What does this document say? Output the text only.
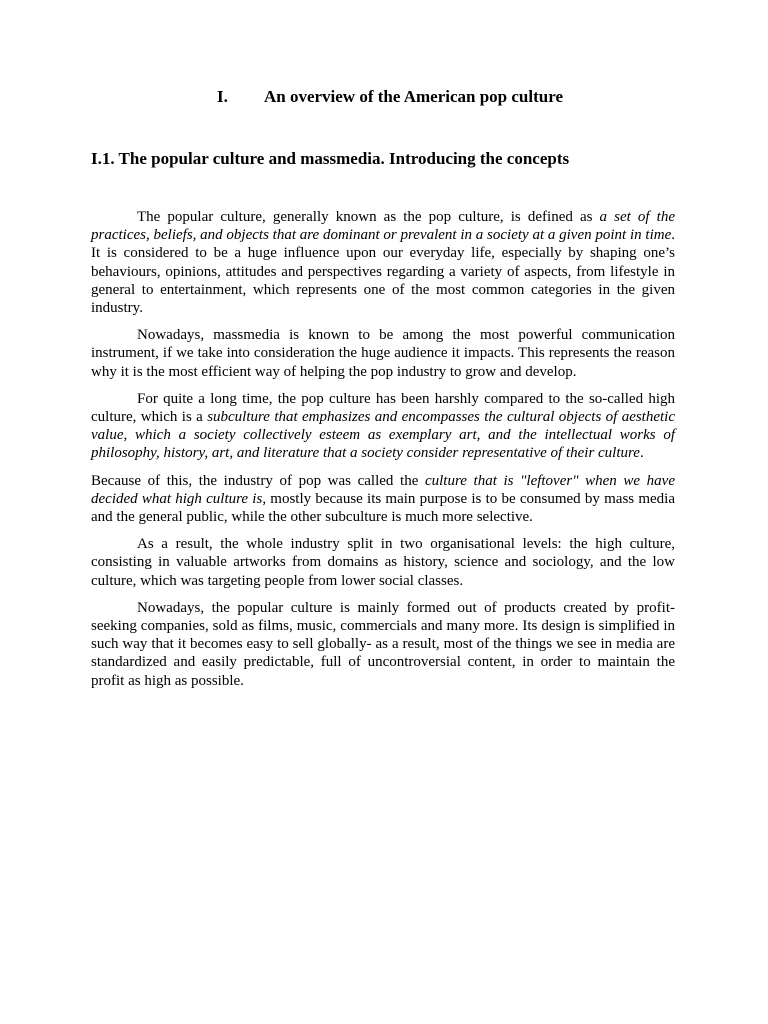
I. An overview of the American pop culture
I.1. The popular culture and massmedia. Introducing the concepts

The popular culture, generally known as the pop culture, is defined as a set of the practices, beliefs, and objects that are dominant or prevalent in a society at a given point in time. It is considered to be a huge influence upon our everyday life, especially by shaping one’s behaviours, opinions, attitudes and perspectives regarding a variety of aspects, from lifestyle in general to entertainment, which represents one of the most common categories in the given industry.

Nowadays, massmedia is known to be among the most powerful communication instrument, if we take into consideration the huge audience it impacts. This represents the reason why it is the most efficient way of helping the pop industry to grow and develop.

For quite a long time, the pop culture has been harshly compared to the so-called high culture, which is a subculture that emphasizes and encompasses the cultural objects of aesthetic value, which a society collectively esteem as exemplary art, and the intellectual works of philosophy, history, art, and literature that a society consider representative of their culture.

Because of this, the industry of pop was called the culture that is "leftover" when we have decided what high culture is, mostly because its main purpose is to be consumed by mass media and the general public, while the other subculture is much more selective.

As a result, the whole industry split in two organisational levels: the high culture, consisting in valuable artworks from domains as history, science and sociology, and the low culture, which was targeting people from lower social classes.

Nowadays, the popular culture is mainly formed out of products created by profit-seeking companies, sold as films, music, commercials and many more. Its design is simplified in such way that it becomes easy to sell globally- as a result, most of the things we see in media are standardized and easily predictable, full of uncontroversial content, in order to maintain the profit as high as possible.
